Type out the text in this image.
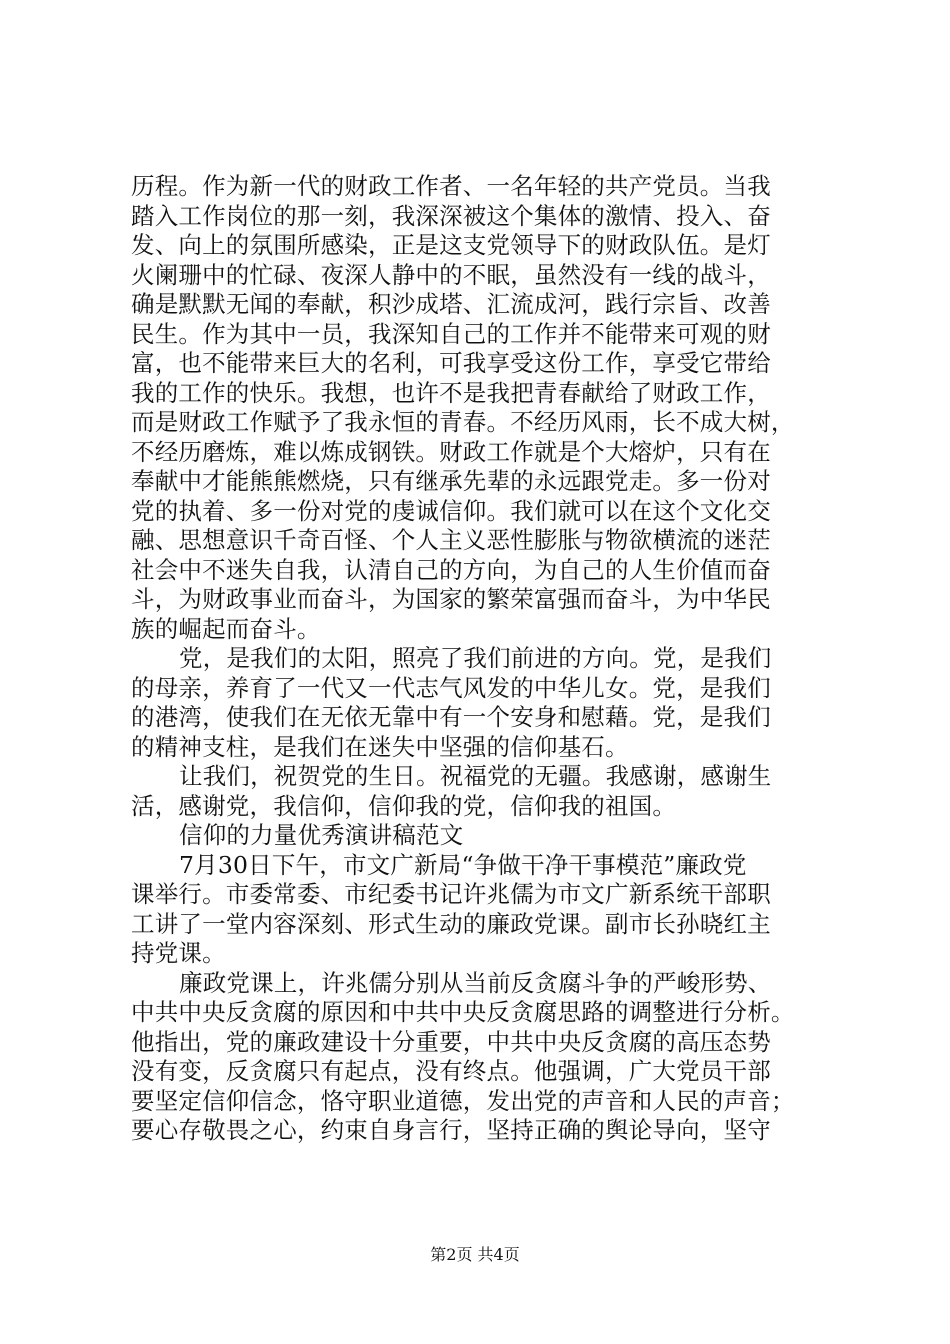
历程。作为新一代的财政工作者、一名年轻的共产党员。当我

踏入工作岗位的那一刻，我深深被这个集体的激情、投入、奋

发、向上的氛围所感染，正是这支党领导下的财政队伍。是灯

火阑珊中的忙碌、夜深人静中的不眠，虽然没有一线的战斗，

确是默默无闻的奉献，积沙成塔、汇流成河，践行宗旨、改善

民生。作为其中一员，我深知自己的工作并不能带来可观的财

富，也不能带来巨大的名利，可我享受这份工作，享受它带给

我的工作的快乐。我想，也许不是我把青春献给了财政工作，

而是财政工作赋予了我永恒的青春。不经历风雨，长不成大树，

不经历磨炼，难以炼成钢铁。财政工作就是个大熔炉，只有在

奉献中才能熊熊燃烧，只有继承先辈的永远跟党走。多一份对

党的执着、多一份对党的虔诚信仰。我们就可以在这个文化交

融、思想意识千奇百怪、个人主义恶性膨胀与物欲横流的迷茫

社会中不迷失自我，认清自己的方向，为自己的人生价值而奋

斗，为财政事业而奋斗，为国家的繁荣富强而奋斗，为中华民

族的崛起而奋斗。

党，是我们的太阳，照亮了我们前进的方向。党，是我们

的母亲，养育了一代又一代志气风发的中华儿女。党，是我们

的港湾，使我们在无依无靠中有一个安身和慰藉。党，是我们

的精神支柱，是我们在迷失中坚强的信仰基石。

让我们，祝贺党的生日。祝福党的无疆。我感谢，感谢生

活，感谢党，我信仰，信仰我的党，信仰我的祖国。

信仰的力量优秀演讲稿范文

7月30日下午，市文广新局“争做干净干事模范”廉政党

课举行。市委常委、市纪委书记许兆儒为市文广新系统干部职

工讲了一堂内容深刻、形式生动的廉政党课。副市长孙晓红主

持党课。

廉政党课上，许兆儒分别从当前反贪腐斗争的严峻形势、

中共中央反贪腐的原因和中共中央反贪腐思路的调整进行分析。

他指出，党的廉政建设十分重要，中共中央反贪腐的高压态势

没有变，反贪腐只有起点，没有终点。他强调，广大党员干部

要坚定信仰信念，恪守职业道德，发出党的声音和人民的声音；

要心存敬畏之心，约束自身言行，坚持正确的舆论导向，坚守

第2页 共4页
